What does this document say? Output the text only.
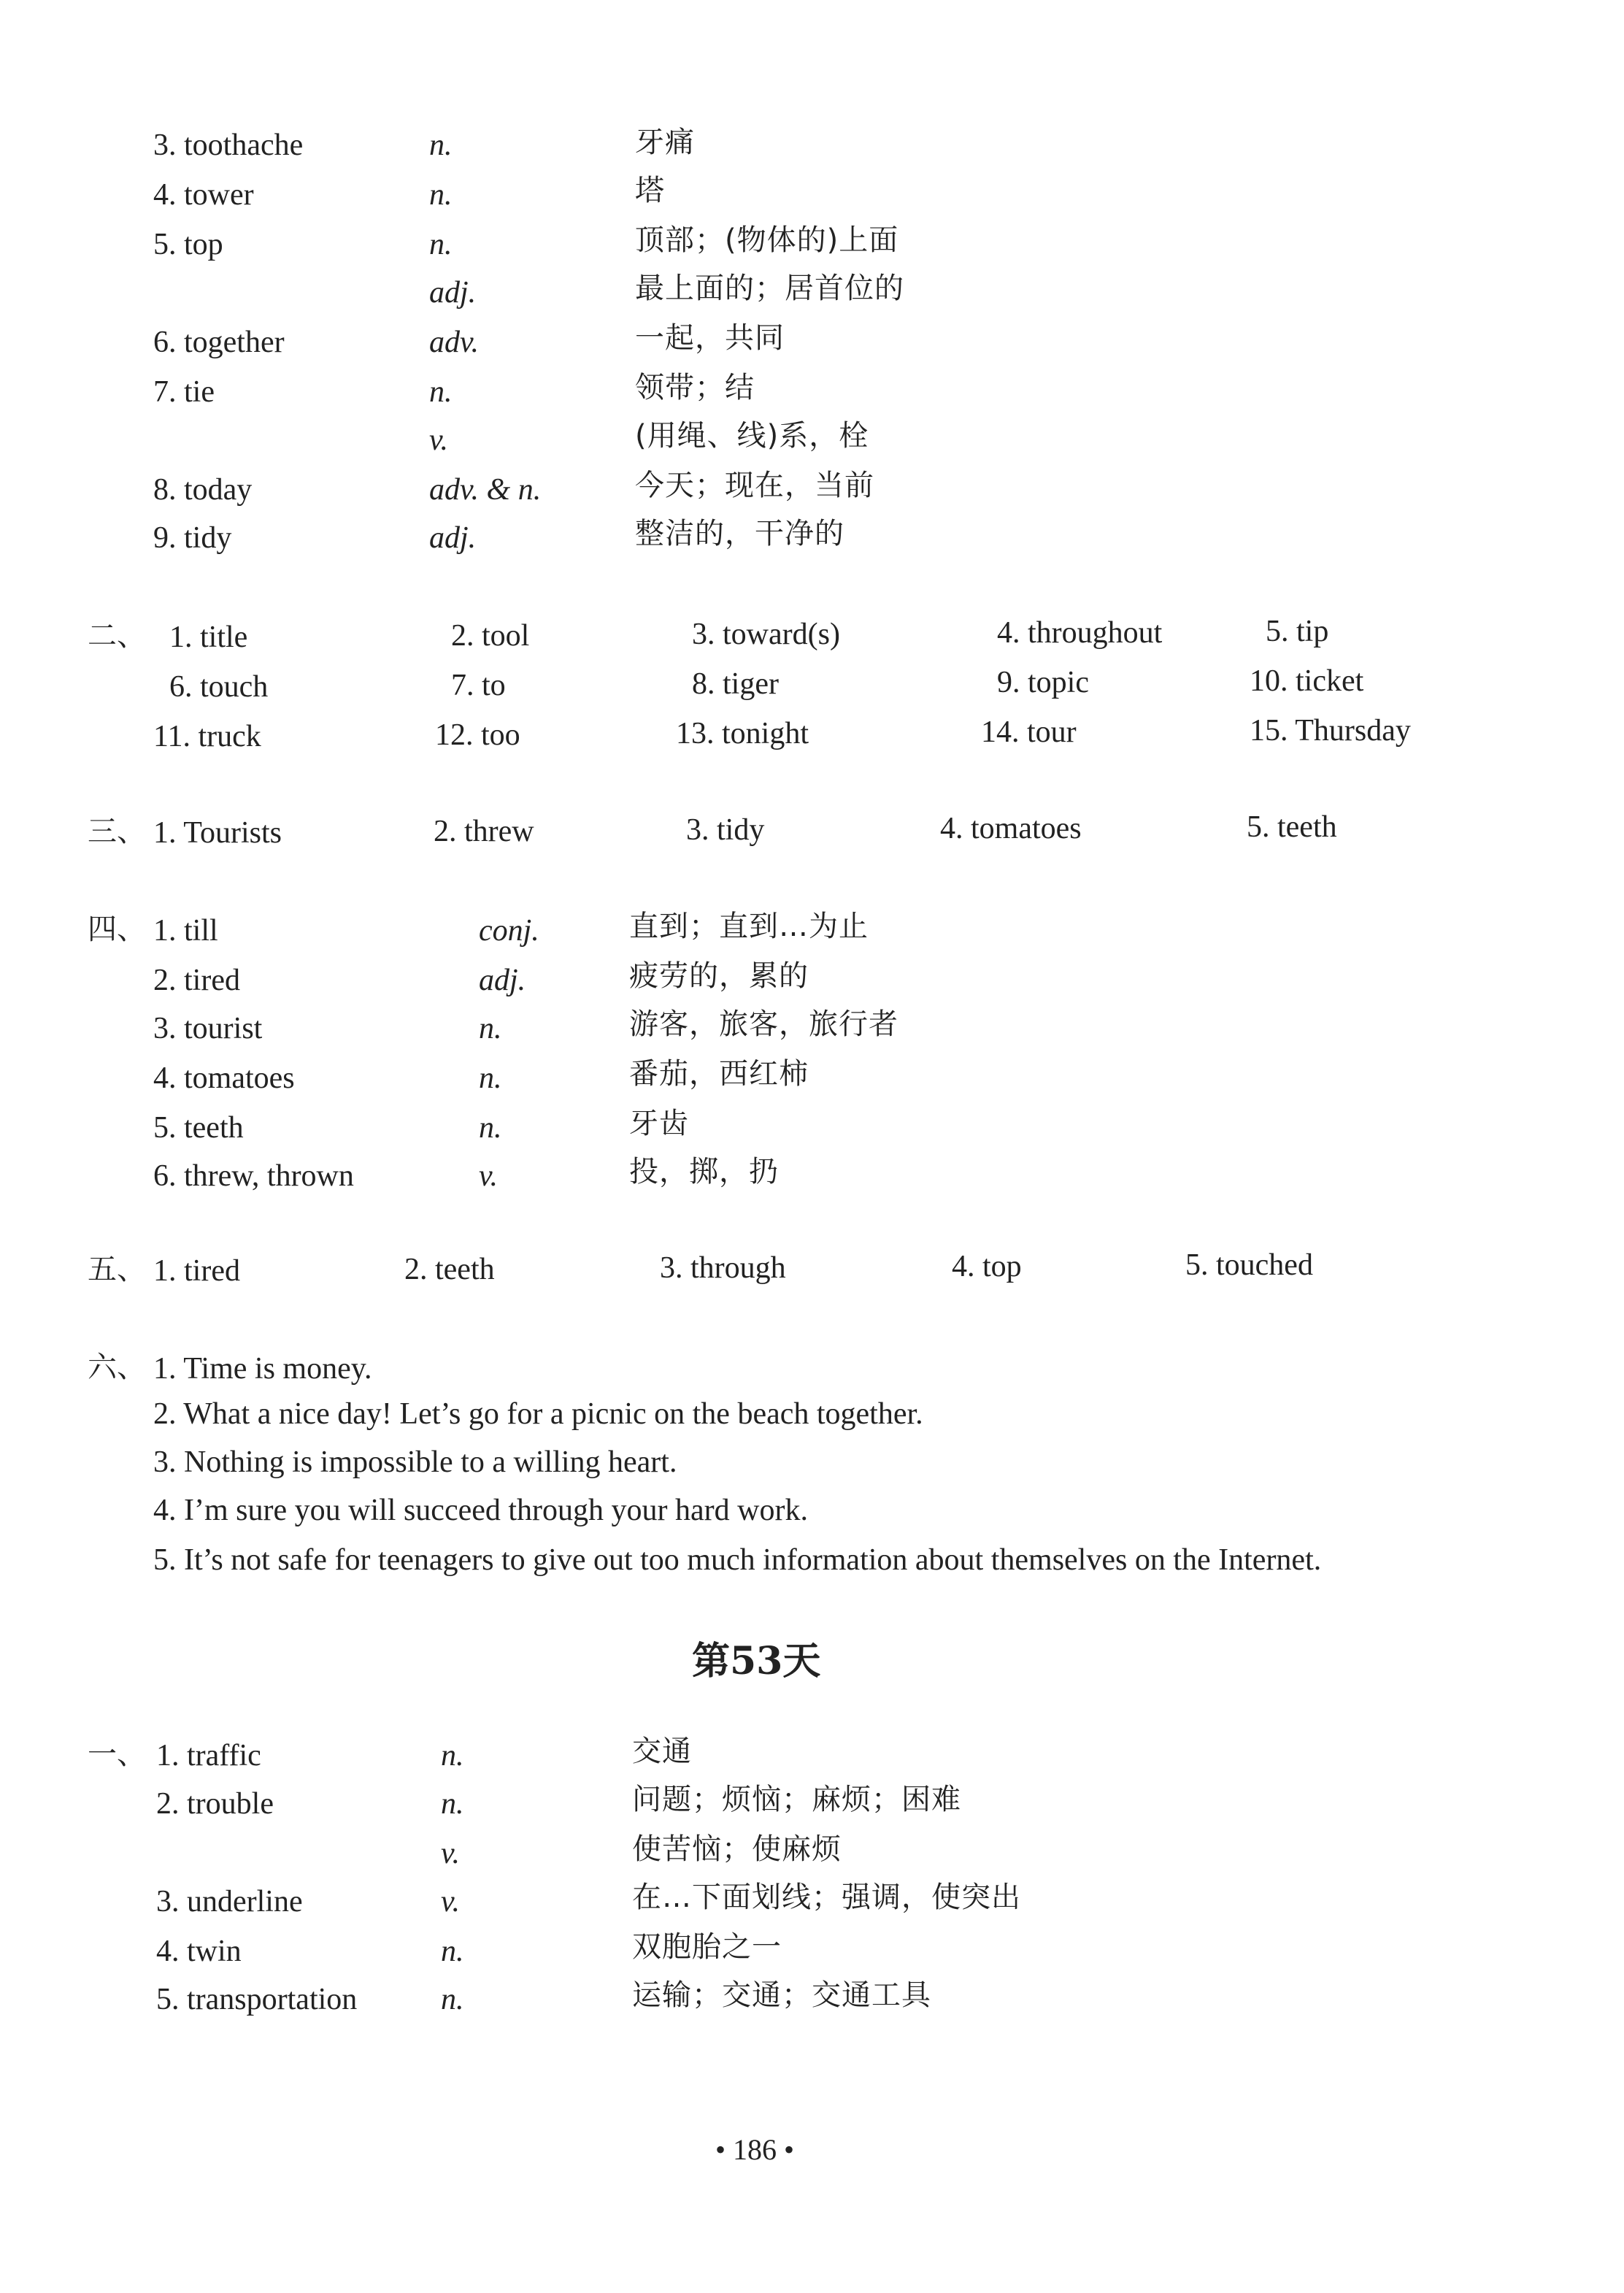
3. toothache	n.	牙痛
4. tower	n.	塔
5. top	n.	顶部；(物体的)上面
adj.	最上面的；居首位的
6. together	adv.	一起，共同
7. tie	n.	领带；结
v.	(用绳、线)系，栓
8. today	adv. & n.	今天；现在，当前
9. tidy	adj.	整洁的，干净的
二、 1. title	2. tool	3. toward(s)	4. throughout	5. tip
6. touch	7. to	8. tiger	9. topic	10. ticket
11. truck	12. too	13. tonight	14. tour	15. Thursday
三、 1. Tourists	2. threw	3. tidy	4. tomatoes	5. teeth
四、 1. till	conj.	直到；直到…为止
2. tired	adj.	疲劳的，累的
3. tourist	n.	游客，旅客，旅行者
4. tomatoes	n.	番茄，西红柿
5. teeth	n.	牙齿
6. threw, thrown	v.	投，掷，扔
五、 1. tired	2. teeth	3. through	4. top	5. touched
六、 1. Time is money.
2. What a nice day! Let’s go for a picnic on the beach together.
3. Nothing is impossible to a willing heart.
4. I’m sure you will succeed through your hard work.
5. It’s not safe for teenagers to give out too much information about themselves on the Internet.
第53天
一、 1. traffic	n.	交通
2. trouble	n.	问题；烦恼；麻烦；困难
v.	使苦恼；使麻烦
3. underline	v.	在…下面划线；强调，使突出
4. twin	n.	双胞胎之一
5. transportation	n.	运输；交通；交通工具
• 186 •
